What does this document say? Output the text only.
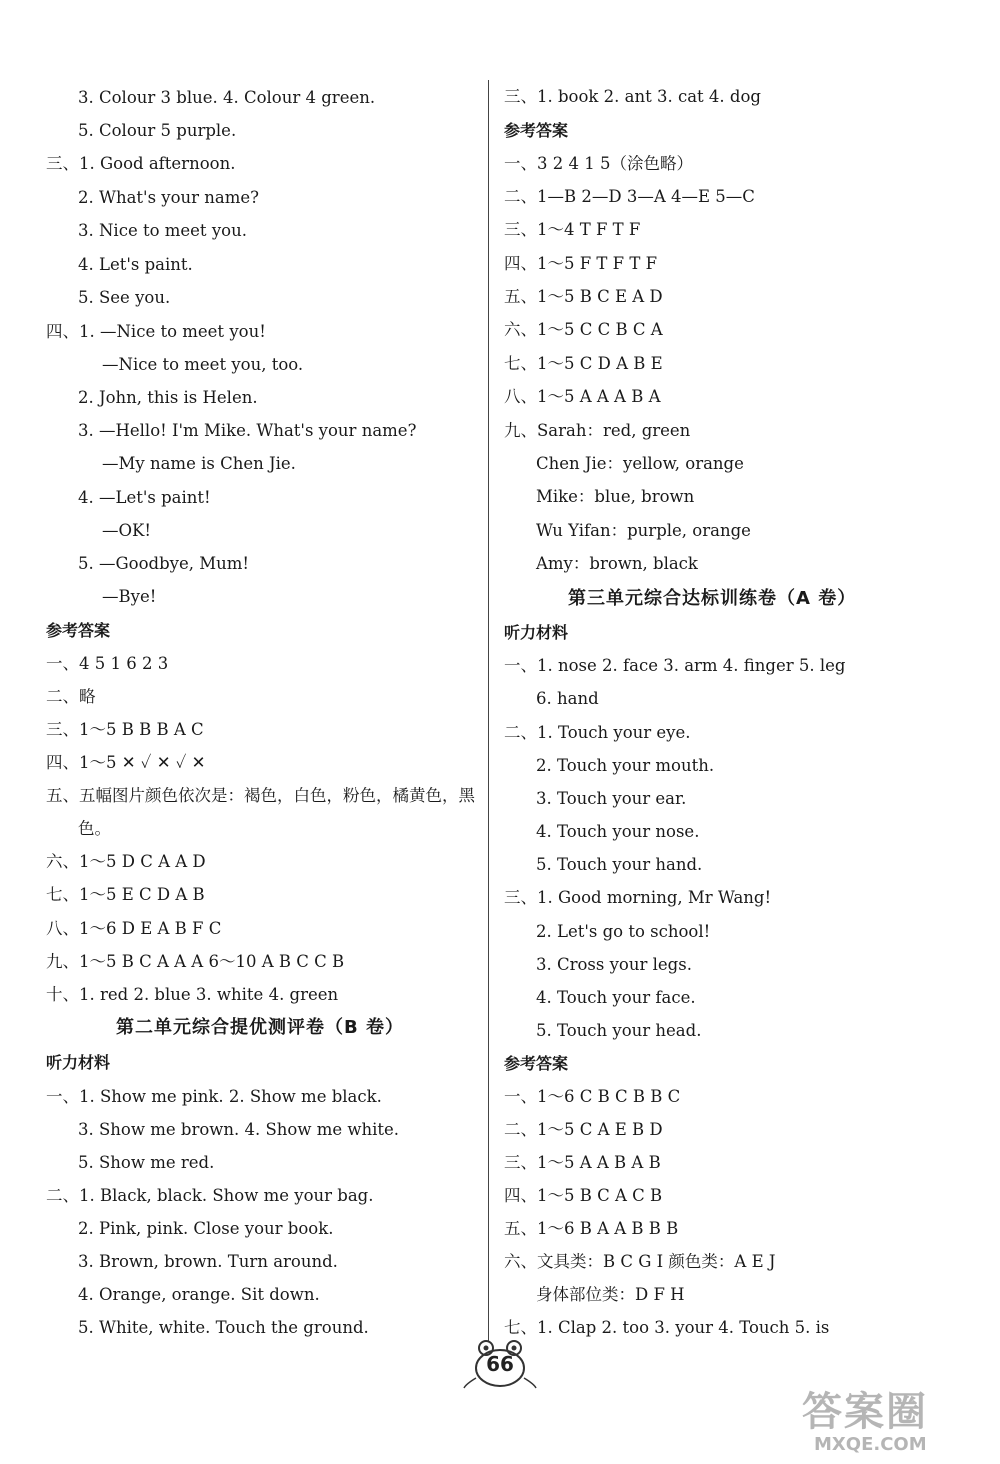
3. Colour 3 blue. 4. Colour 4 green.
5. Colour 5 purple.
三、1. Good afternoon.
2. What's your name?
3. Nice to meet you.
4. Let's paint.
5. See you.
四、1. —Nice to meet you!
—Nice to meet you, too.
2. John, this is Helen.
3. —Hello! I'm Mike. What's your name?
—My name is Chen Jie.
4. —Let's paint!
—OK!
5. —Goodbye, Mum!
—Bye!
参考答案
一、4 5 1 6 2 3
二、略
三、1～5 B B B A C
四、1～5 ✕ ✓ ✕ ✓ ✕
五、五幅图片颜色依次是：褐色，白色，粉色，橘黄色，黑
色。
六、1～5 D C A A D
七、1～5 E C D A B
八、1～6 D E A B F C
九、1～5 B C A A A 6～10 A B C C B
十、1. red 2. blue 3. white 4. green
第二单元综合提优测评卷（B 卷）
听力材料
一、1. Show me pink. 2. Show me black.
3. Show me brown. 4. Show me white.
5. Show me red.
二、1. Black, black. Show me your bag.
2. Pink, pink. Close your book.
3. Brown, brown. Turn around.
4. Orange, orange. Sit down.
5. White, white. Touch the ground.
三、1. book 2. ant 3. cat 4. dog
参考答案
一、3 2 4 1 5（涂色略）
二、1—B 2—D 3—A 4—E 5—C
三、1～4 T F T F
四、1～5 F T F T F
五、1～5 B C E A D
六、1～5 C C B C A
七、1～5 C D A B E
八、1～5 A A A B A
九、Sarah：red, green
Chen Jie：yellow, orange
Mike：blue, brown
Wu Yifan：purple, orange
Amy：brown, black
第三单元综合达标训练卷（A 卷）
听力材料
一、1. nose 2. face 3. arm 4. finger 5. leg
6. hand
二、1. Touch your eye.
2. Touch your mouth.
3. Touch your ear.
4. Touch your nose.
5. Touch your hand.
三、1. Good morning, Mr Wang!
2. Let's go to school!
3. Cross your legs.
4. Touch your face.
5. Touch your head.
参考答案
一、1～6 C B C B B C
二、1～5 C A E B D
三、1～5 A A B A B
四、1～5 B C A C B
五、1～6 B A A B B B
六、文具类：B C G I 颜色类：A E J
身体部位类：D F H
七、1. Clap 2. too 3. your 4. Touch 5. is
66
答案圈
MXQE.COM
